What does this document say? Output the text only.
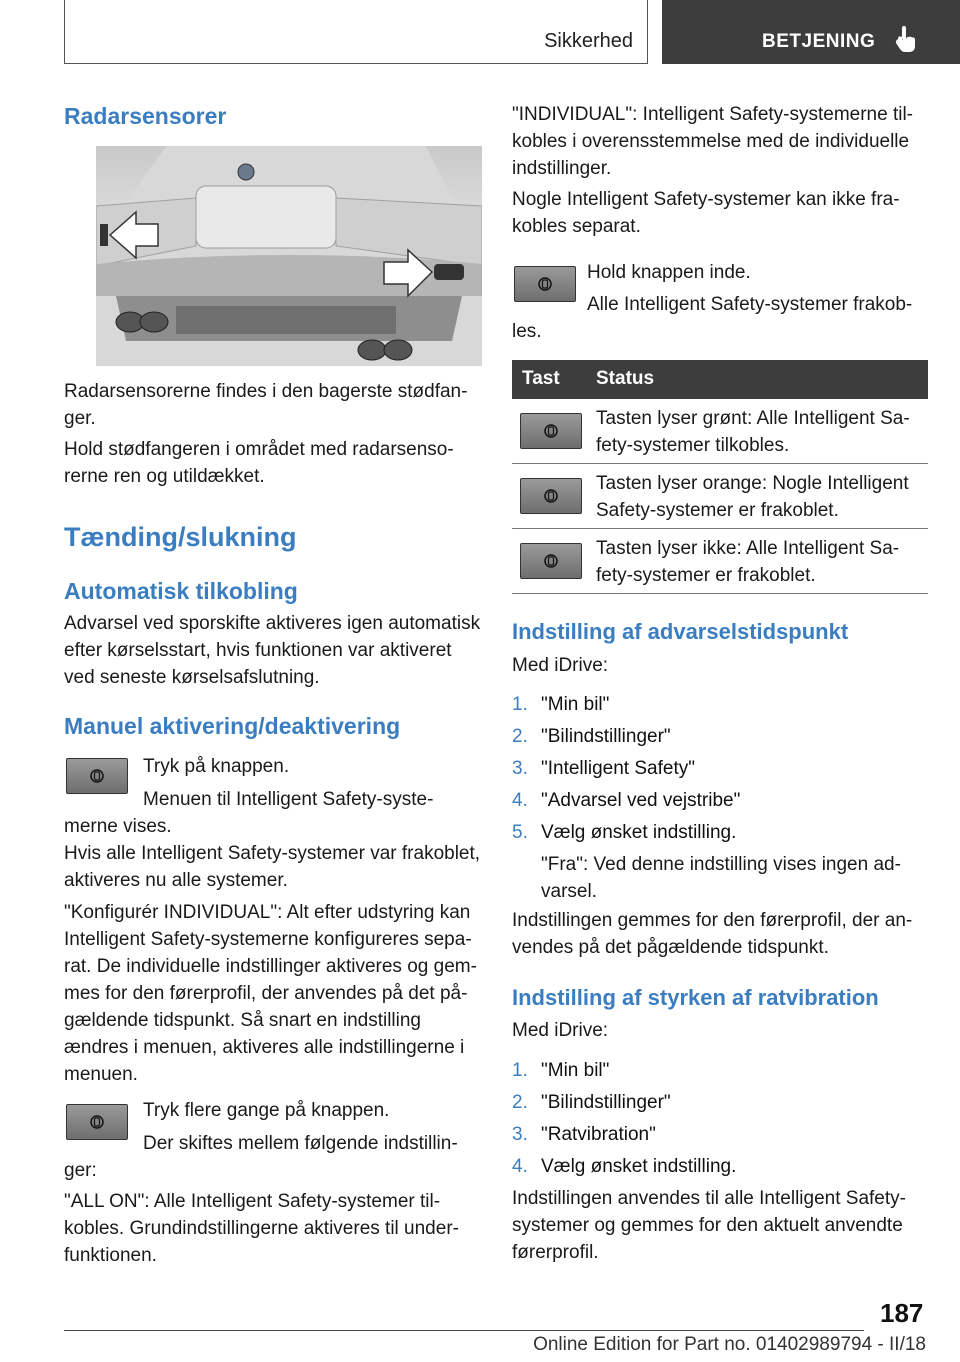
Sikkerhed	BETJENING
Radarsensorer

Radarsensorerne findes i den bagerste stødfan-ger.

Hold stødfangeren i området med radarsenso-rerne ren og utildækket.

Tænding/slukning
Automatisk tilkobling

Advarsel ved sporskifte aktiveres igen automatisk efter kørselsstart, hvis funktionen var aktiveret ved seneste kørselsafslutning.

Manuel aktivering/deaktivering

Tryk på knappen.

Menuen til Intelligent Safety-syste-merne vises.

Hvis alle Intelligent Safety-systemer var frakoblet, aktiveres nu alle systemer.

"Konfigurér INDIVIDUAL": Alt efter udstyring kan Intelligent Safety-systemerne konfigureres sepa-rat. De individuelle indstillinger aktiveres og gem-mes for den førerprofil, der anvendes på det på-gældende tidspunkt. Så snart en indstilling ændres i menuen, aktiveres alle indstillingerne i menuen.

Tryk flere gange på knappen.

Der skiftes mellem følgende indstillin-ger:

"ALL ON": Alle Intelligent Safety-systemer til-kobles. Grundindstillingerne aktiveres til under-funktionen.

"INDIVIDUAL": Intelligent Safety-systemerne til-kobles i overensstemmelse med de individuelle indstillinger.

Nogle Intelligent Safety-systemer kan ikke fra-kobles separat.

Hold knappen inde.

Alle Intelligent Safety-systemer frakob-les.

Tast Status

Tasten lyser grønt: Alle Intelligent Sa-fety-systemer tilkobles.

Tasten lyser orange: Nogle Intelligent Safety-systemer er frakoblet.

Tasten lyser ikke: Alle Intelligent Sa-fety-systemer er frakoblet.

Indstilling af advarselstidspunkt

Med iDrive:

1. "Min bil"
2. "Bilindstillinger"
3. "Intelligent Safety"
4. "Advarsel ved vejstribe"
5. Vælg ønsket indstilling.

"Fra": Ved denne indstilling vises ingen ad-varsel.

Indstillingen gemmes for den førerprofil, der an-vendes på det pågældende tidspunkt.

Indstilling af styrken af ratvibration

Med iDrive:

1. "Min bil"
2. "Bilindstillinger"
3. "Ratvibration"
4. Vælg ønsket indstilling.

Indstillingen anvendes til alle Intelligent Safety-systemer og gemmes for den aktuelt anvendte førerprofil.

187
Online Edition for Part no. 01402989794 - II/18
